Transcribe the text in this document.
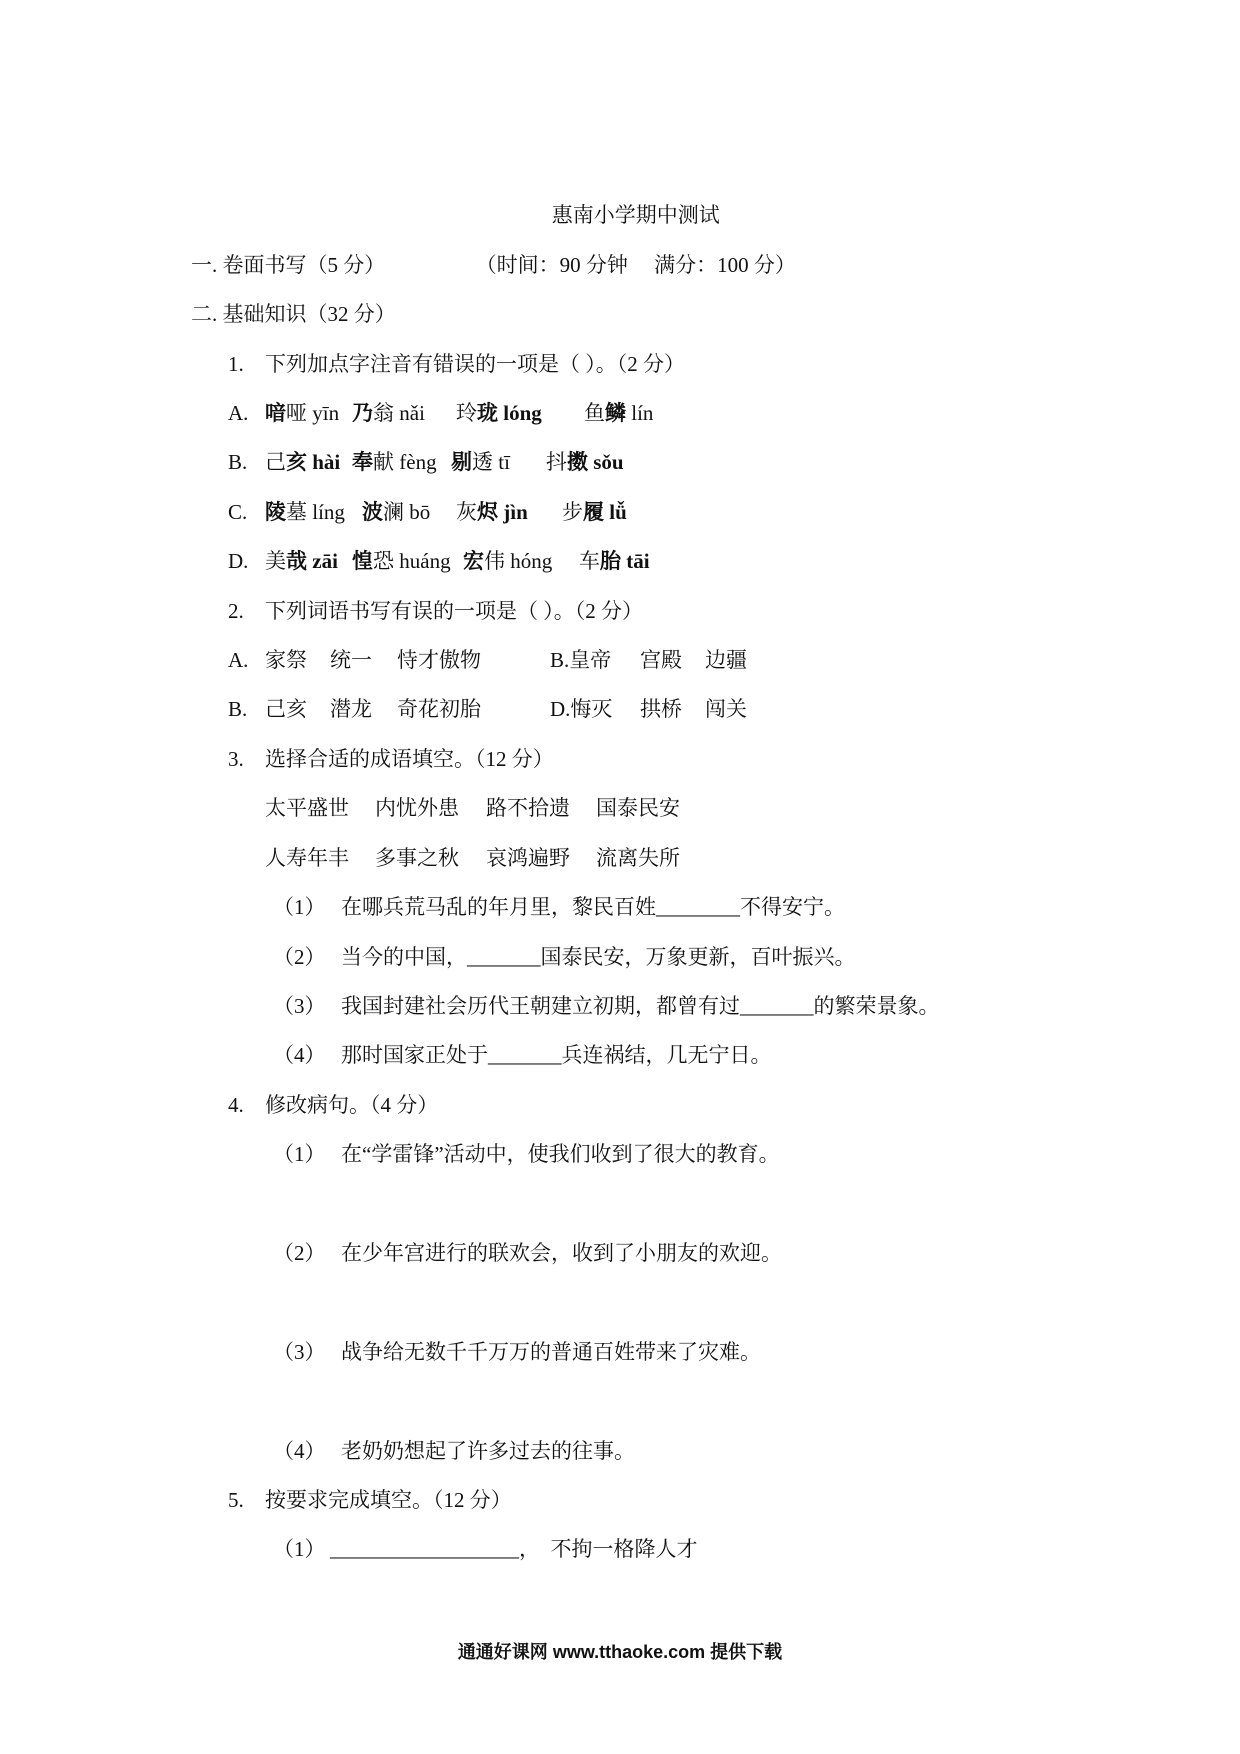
惠南小学期中测试

（时间：90 分钟     满分：100 分）

一. 卷面书写（5 分）

二. 基础知识（32 分）

1.

下列加点字注音有错误的一项是（ ）。（2 分）

A.

喑哑 yīn

乃翁 nǎi

玲珑 lóng

鱼鳞 lín

B.

己亥 hài

奉献 fèng

剔透 tī

抖擞 sǒu

C.

陵墓 líng

波澜 bō

灰烬 jìn

步履 lǚ

D.

美哉 zāi

惶恐 huáng

宏伟 hóng

车胎 tāi

2.

下列词语书写有误的一项是（ ）。（2 分）

A.

家祭

统一

恃才傲物

	B.皇帝

宫殿

边疆

B.

己亥

潜龙

奇花初胎

	D.悔灭

拱桥

闯关

3.

选择合适的成语填空。（12 分）

太平盛世

内忧外患

路不拾遗

国泰民安

人寿年丰

多事之秋

哀鸿遍野

流离失所

（1）

在哪兵荒马乱的年月里，黎民百姓________不得安宁。

（2）

当今的中国，_______国泰民安，万象更新，百叶振兴。

（3）

我国封建社会历代王朝建立初期，都曾有过_______的繁荣景象。

（4）

那时国家正处于_______兵连祸结，几无宁日。

4.

修改病句。（4 分）

（1）

在“学雷锋”活动中，使我们收到了很大的教育。

（2）

在少年宫进行的联欢会，收到了小朋友的欢迎。

（3）

战争给无数千千万万的普通百姓带来了灾难。

（4）

老奶奶想起了许多过去的往事。

5.

按要求完成填空。（12 分）

（1）

__________________，  不拘一格降人才

通通好课网 www.tthaoke.com 提供下载
